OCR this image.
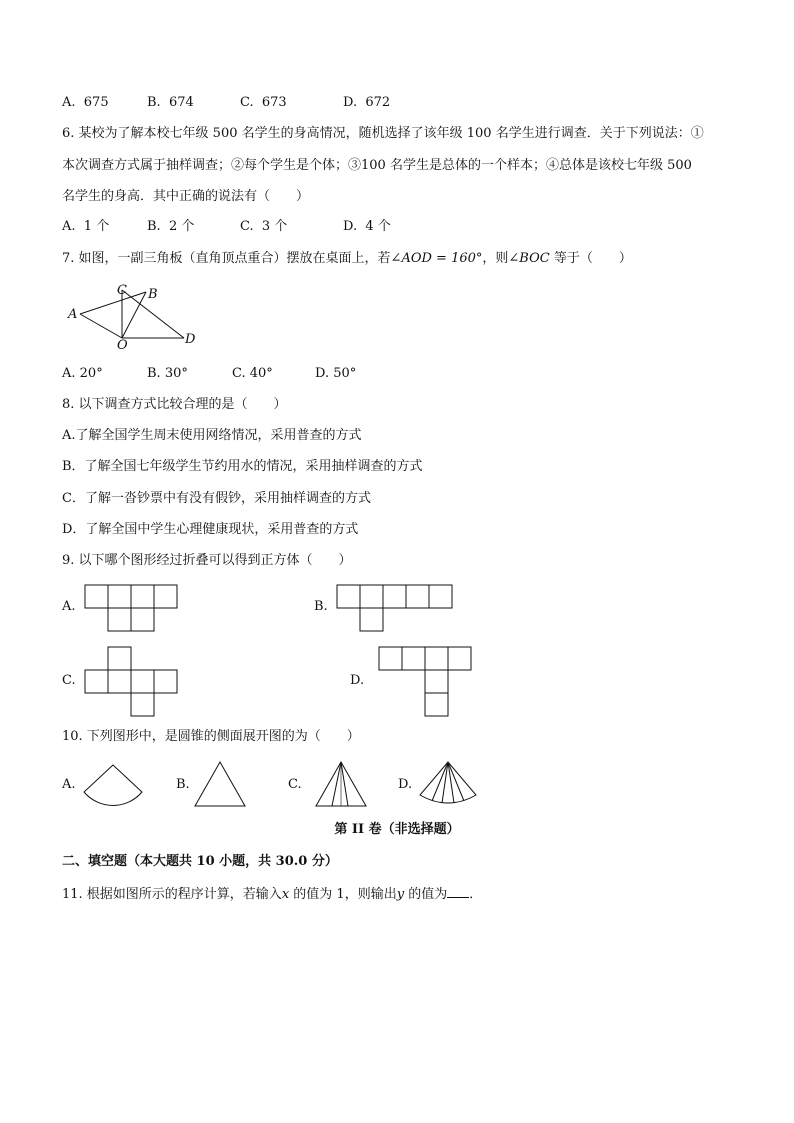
A.  675	B.  674	C.  673	D.  672
6. 某校为了解本校七年级 500 名学生的身高情况，随机选择了该年级 100 名学生进行调查．关于下列说法：①
本次调查方式属于抽样调查；②每个学生是个体；③100 名学生是总体的一个样本；④总体是该校七年级 500
名学生的身高．其中正确的说法有（　　）
A.  1 个	B.  2 个	C.  3 个	D.  4 个
7. 如图，一副三角板（直角顶点重合）摆放在桌面上，若∠AOD = 160°，则∠BOC 等于（　　）
A
C B
O	D
A. 20°	B. 30°	C. 40°	D. 50°
8. 以下调查方式比较合理的是（　　）
A.了解全国学生周末使用网络情况，采用普查的方式
B．了解全国七年级学生节约用水的情况，采用抽样调查的方式
C．了解一沓钞票中有没有假钞，采用抽样调查的方式
D．了解全国中学生心理健康现状，采用普查的方式
9. 以下哪个图形经过折叠可以得到正方体（　　）
A.	B.
C.	D.
10. 下列图形中，是圆锥的侧面展开图的为（　　）
A.	B.	C.	D.
第 II 卷（非选择题）
二、填空题（本大题共 10 小题，共 30.0 分）
11. 根据如图所示的程序计算，若输入x 的值为 1，则输出y 的值为 ．
